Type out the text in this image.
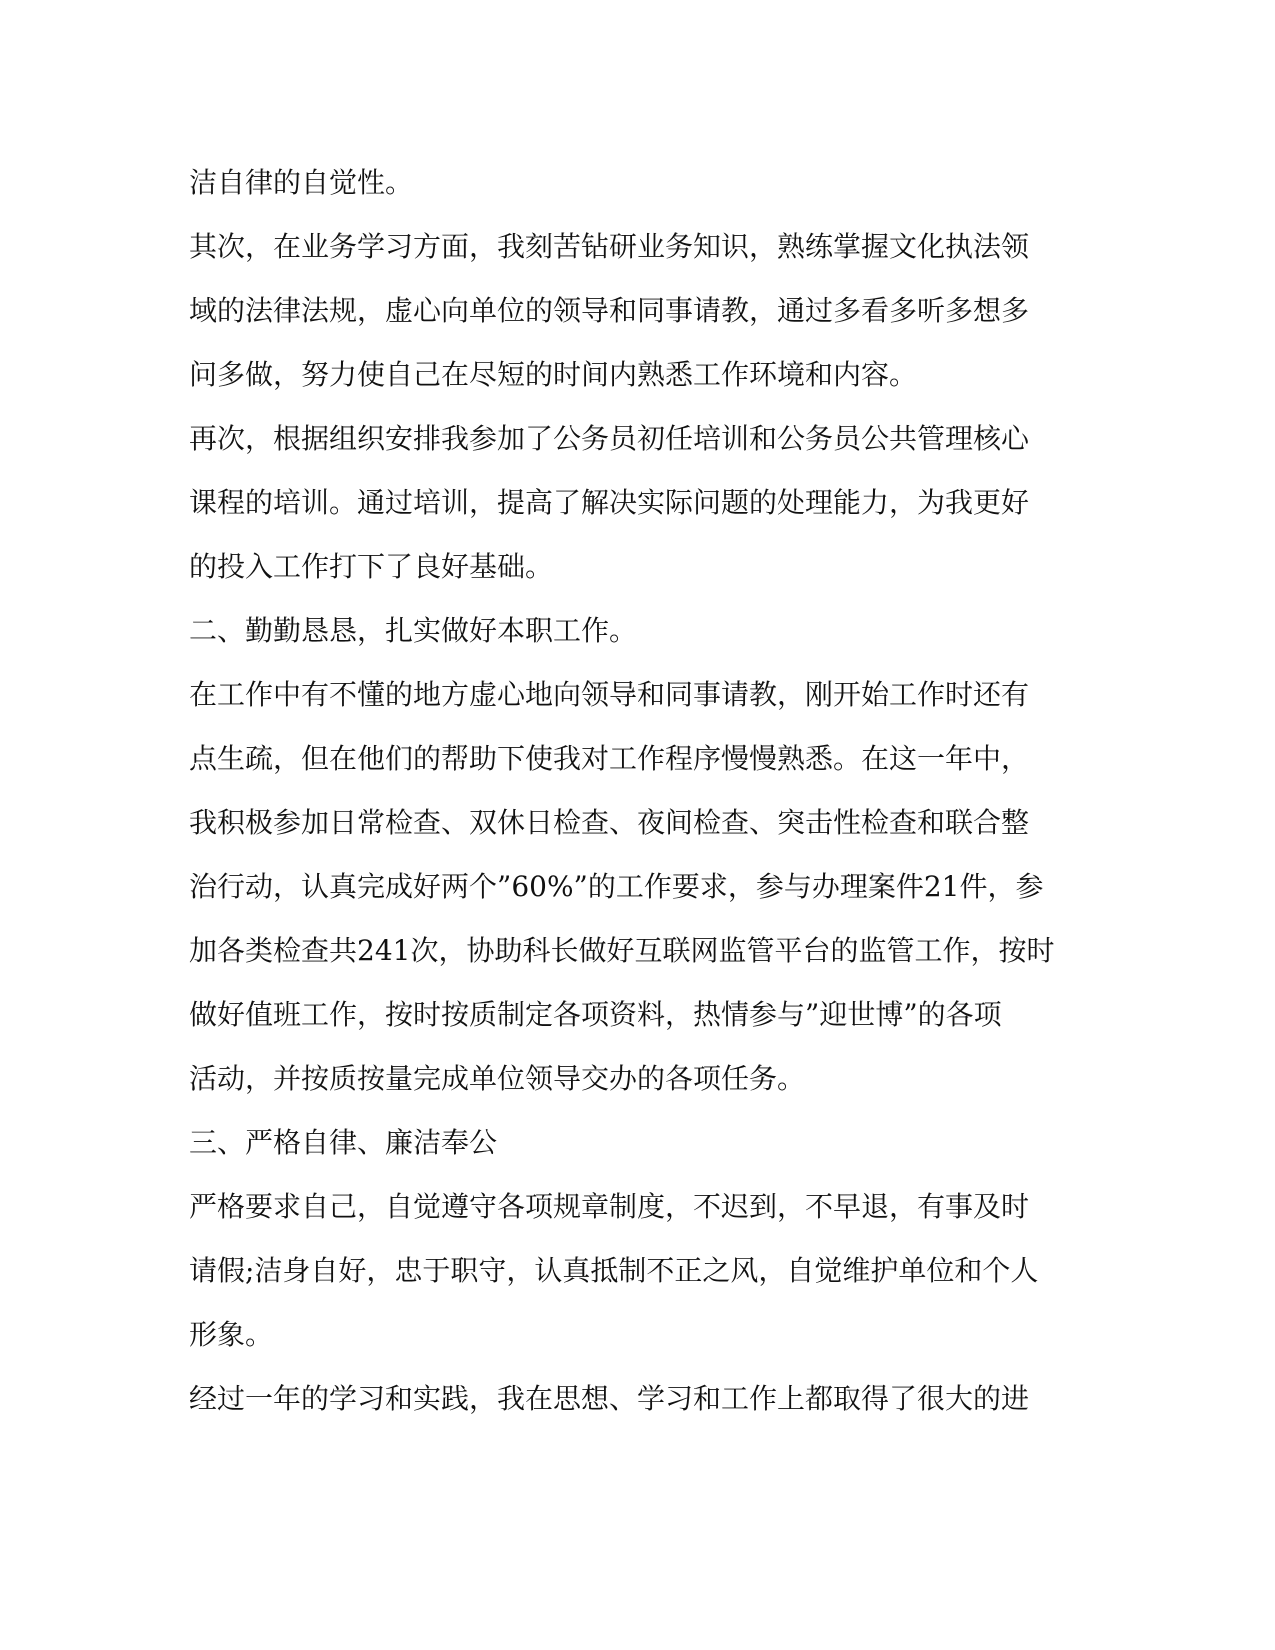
洁自律的自觉性。
其次，在业务学习方面，我刻苦钻研业务知识，熟练掌握文化执法领
域的法律法规，虚心向单位的领导和同事请教，通过多看多听多想多
问多做，努力使自己在尽短的时间内熟悉工作环境和内容。
再次，根据组织安排我参加了公务员初任培训和公务员公共管理核心
课程的培训。通过培训，提高了解决实际问题的处理能力，为我更好
的投入工作打下了良好基础。
二、勤勤恳恳，扎实做好本职工作。
在工作中有不懂的地方虚心地向领导和同事请教，刚开始工作时还有
点生疏，但在他们的帮助下使我对工作程序慢慢熟悉。在这一年中，
我积极参加日常检查、双休日检查、夜间检查、突击性检查和联合整
治行动，认真完成好两个”60%”的工作要求，参与办理案件21件，参
加各类检查共241次，协助科长做好互联网监管平台的监管工作，按时
做好值班工作，按时按质制定各项资料，热情参与”迎世博”的各项
活动，并按质按量完成单位领导交办的各项任务。
三、严格自律、廉洁奉公
严格要求自己，自觉遵守各项规章制度，不迟到，不早退，有事及时
请假;洁身自好，忠于职守，认真抵制不正之风，自觉维护单位和个人
形象。
经过一年的学习和实践，我在思想、学习和工作上都取得了很大的进
